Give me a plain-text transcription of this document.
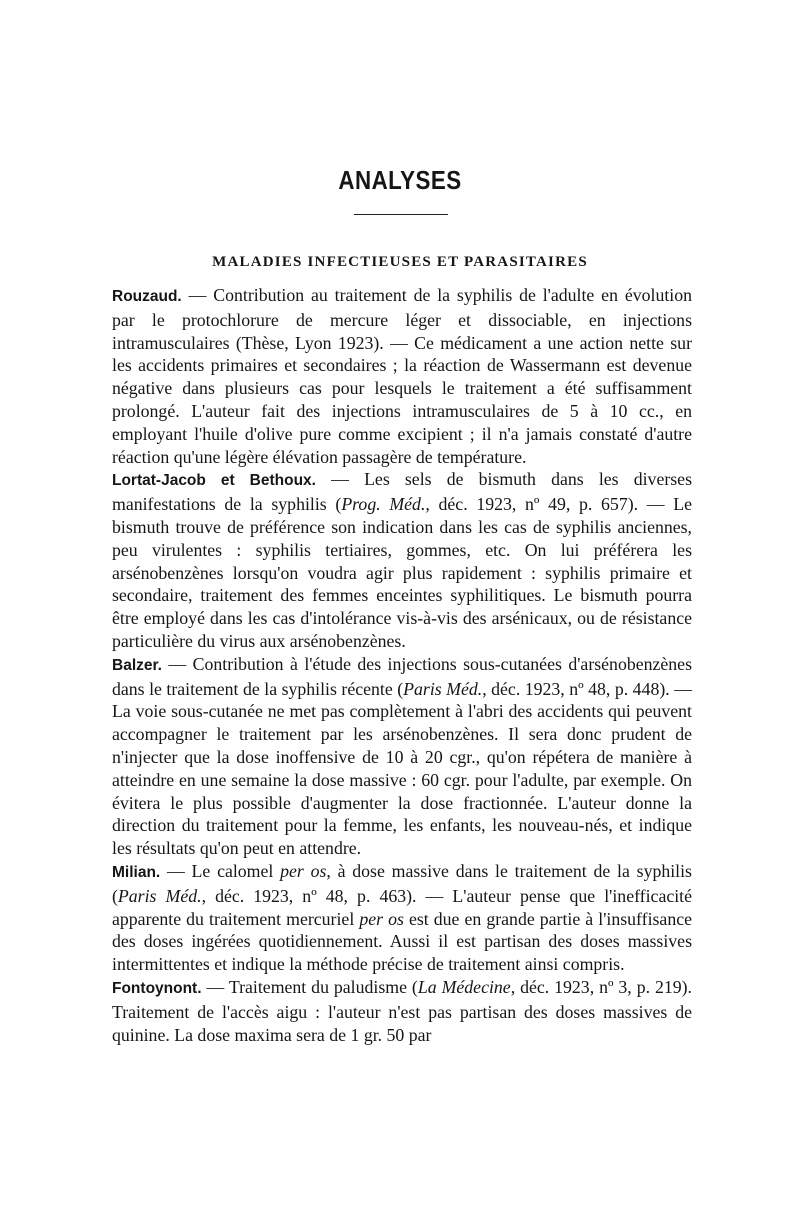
ANALYSES
MALADIES INFECTIEUSES ET PARASITAIRES

Rouzaud. — Contribution au traitement de la syphilis de l'adulte en évolution par le protochlorure de mercure léger et dissociable, en injections intramusculaires (Thèse, Lyon 1923). — Ce médicament a une action nette sur les accidents primaires et secondaires ; la réaction de Wassermann est devenue négative dans plusieurs cas pour lesquels le traitement a été suffisamment prolongé. L'auteur fait des injections intramusculaires de 5 à 10 cc., en employant l'huile d'olive pure comme excipient ; il n'a jamais constaté d'autre réaction qu'une légère élévation passagère de température.

Lortat-Jacob et Bethoux. — Les sels de bismuth dans les diverses manifestations de la syphilis (Prog. Méd., déc. 1923, nº 49, p. 657). — Le bismuth trouve de préférence son indication dans les cas de syphilis anciennes, peu virulentes : syphilis tertiaires, gommes, etc. On lui préférera les arsénobenzènes lorsqu'on voudra agir plus rapidement : syphilis primaire et secondaire, traitement des femmes enceintes syphilitiques. Le bismuth pourra être employé dans les cas d'intolérance vis-à-vis des arsénicaux, ou de résistance particulière du virus aux arsénobenzènes.

Balzer. — Contribution à l'étude des injections sous-cutanées d'arsénobenzènes dans le traitement de la syphilis récente (Paris Méd., déc. 1923, nº 48, p. 448). — La voie sous-cutanée ne met pas complètement à l'abri des accidents qui peuvent accompagner le traitement par les arsénobenzènes. Il sera donc prudent de n'injecter que la dose inoffensive de 10 à 20 cgr., qu'on répétera de manière à atteindre en une semaine la dose massive : 60 cgr. pour l'adulte, par exemple. On évitera le plus possible d'augmenter la dose fractionnée. L'auteur donne la direction du traitement pour la femme, les enfants, les nouveau-nés, et indique les résultats qu'on peut en attendre.

Milian. — Le calomel per os, à dose massive dans le traitement de la syphilis (Paris Méd., déc. 1923, nº 48, p. 463). — L'auteur pense que l'inefficacité apparente du traitement mercuriel per os est due en grande partie à l'insuffisance des doses ingérées quotidiennement. Aussi il est partisan des doses massives intermittentes et indique la méthode précise de traitement ainsi compris.

Fontoynont. — Traitement du paludisme (La Médecine, déc. 1923, nº 3, p. 219). Traitement de l'accès aigu : l'auteur n'est pas partisan des doses massives de quinine. La dose maxima sera de 1 gr. 50 par
